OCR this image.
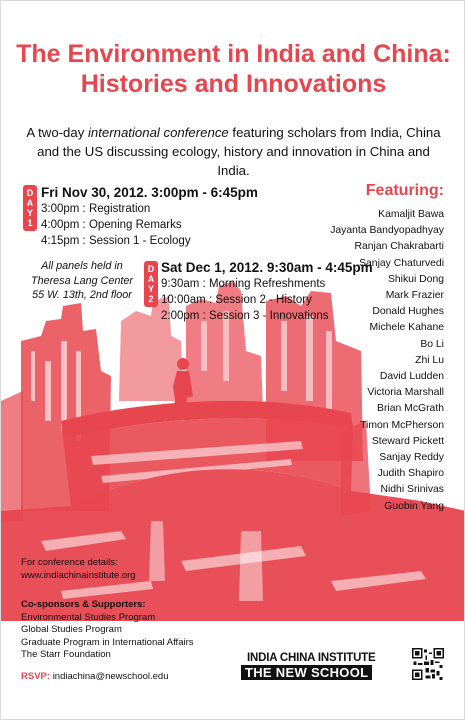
The Environment in India and China:
Histories and Innovations
A two-day international conference featuring scholars from India, China
and the US discussing ecology, history and innovation in China and India.
D
A
Y
1
Fri Nov 30, 2012. 3:00pm - 6:45pm
3:00pm : Registration
4:00pm : Opening Remarks
4:15pm : Session 1 - Ecology
All panels held in
Theresa Lang Center
55 W. 13th, 2nd floor
D
A
Y
2
Sat Dec 1, 2012. 9:30am - 4:45pm
9:30am : Morning Refreshments
10:00am : Session 2 - History
2:00pm : Session 3 - Innovations
Featuring:
Kamaljit Bawa
Jayanta Bandyopadhyay
Ranjan Chakrabarti
Sanjay Chaturvedi
Shikui Dong
Mark Frazier
Donald Hughes
Michele Kahane
Bo Li
Zhi Lu
David Ludden
Victoria Marshall
Brian McGrath
Timon McPherson
Steward Pickett
Sanjay Reddy
Judith Shapiro
Nidhi Srinivas
Guobin Yang
For conference details:
www.indiachinainstitute.org
Co-sponsors & Supporters:
Environmental Studies Program
Global Studies Program
Graduate Program in International Affairs
The Starr Foundation
RSVP: indiachina@newschool.edu
INDIA CHINA INSTITUTE
THE NEW SCHOOL
